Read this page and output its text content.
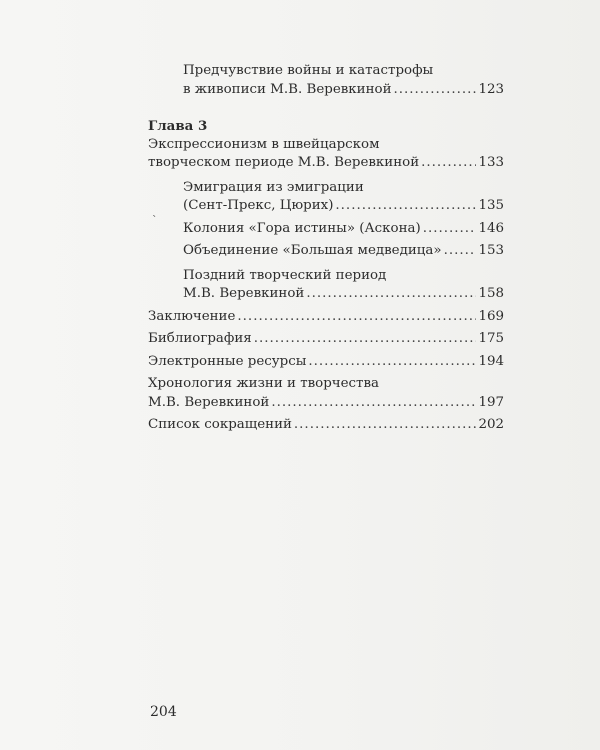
Предчувствие войны и катастрофы
в живописи М.В. Веревкиной .....	123
Глава 3
Экспрессионизм в швейцарском
творческом периоде М.В. Веревкиной .....	133
Эмиграция из эмиграции
(Сент-Прекс, Цюрих) .....	135
Колония «Гора истины» (Аскона) .....	146
Объединение «Большая медведица» .....	153
Поздний творческий период
М.В. Веревкиной .....	158
Заключение .....	169
Библиография .....	175
Электронные ресурсы .....	194
Хронология жизни и творчества
М.В. Веревкиной .....	197
Список сокращений .....	202
ˋ
204
